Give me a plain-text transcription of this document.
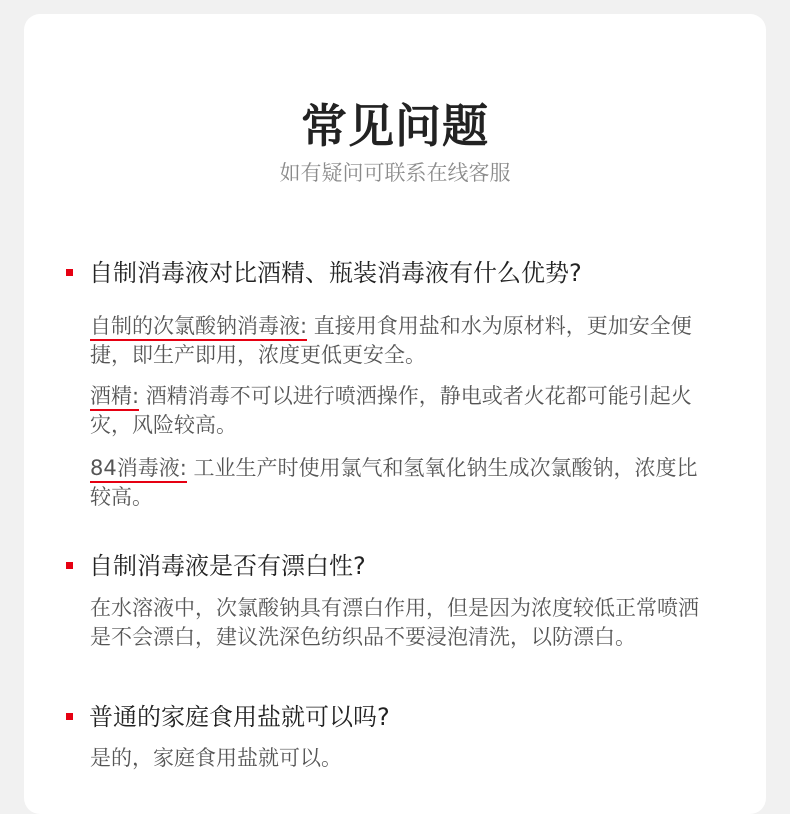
常见问题
如有疑问可联系在线客服
自制消毒液对比酒精、瓶装消毒液有什么优势?
自制的次氯酸钠消毒液: 直接用食用盐和水为原材料，更加安全便捷，即生产即用，浓度更低更安全。
酒精: 酒精消毒不可以进行喷洒操作，静电或者火花都可能引起火灾，风险较高。
84消毒液: 工业生产时使用氯气和氢氧化钠生成次氯酸钠，浓度比较高。
自制消毒液是否有漂白性?
在水溶液中，次氯酸钠具有漂白作用，但是因为浓度较低正常喷洒是不会漂白，建议洗深色纺织品不要浸泡清洗，以防漂白。
普通的家庭食用盐就可以吗?
是的，家庭食用盐就可以。
